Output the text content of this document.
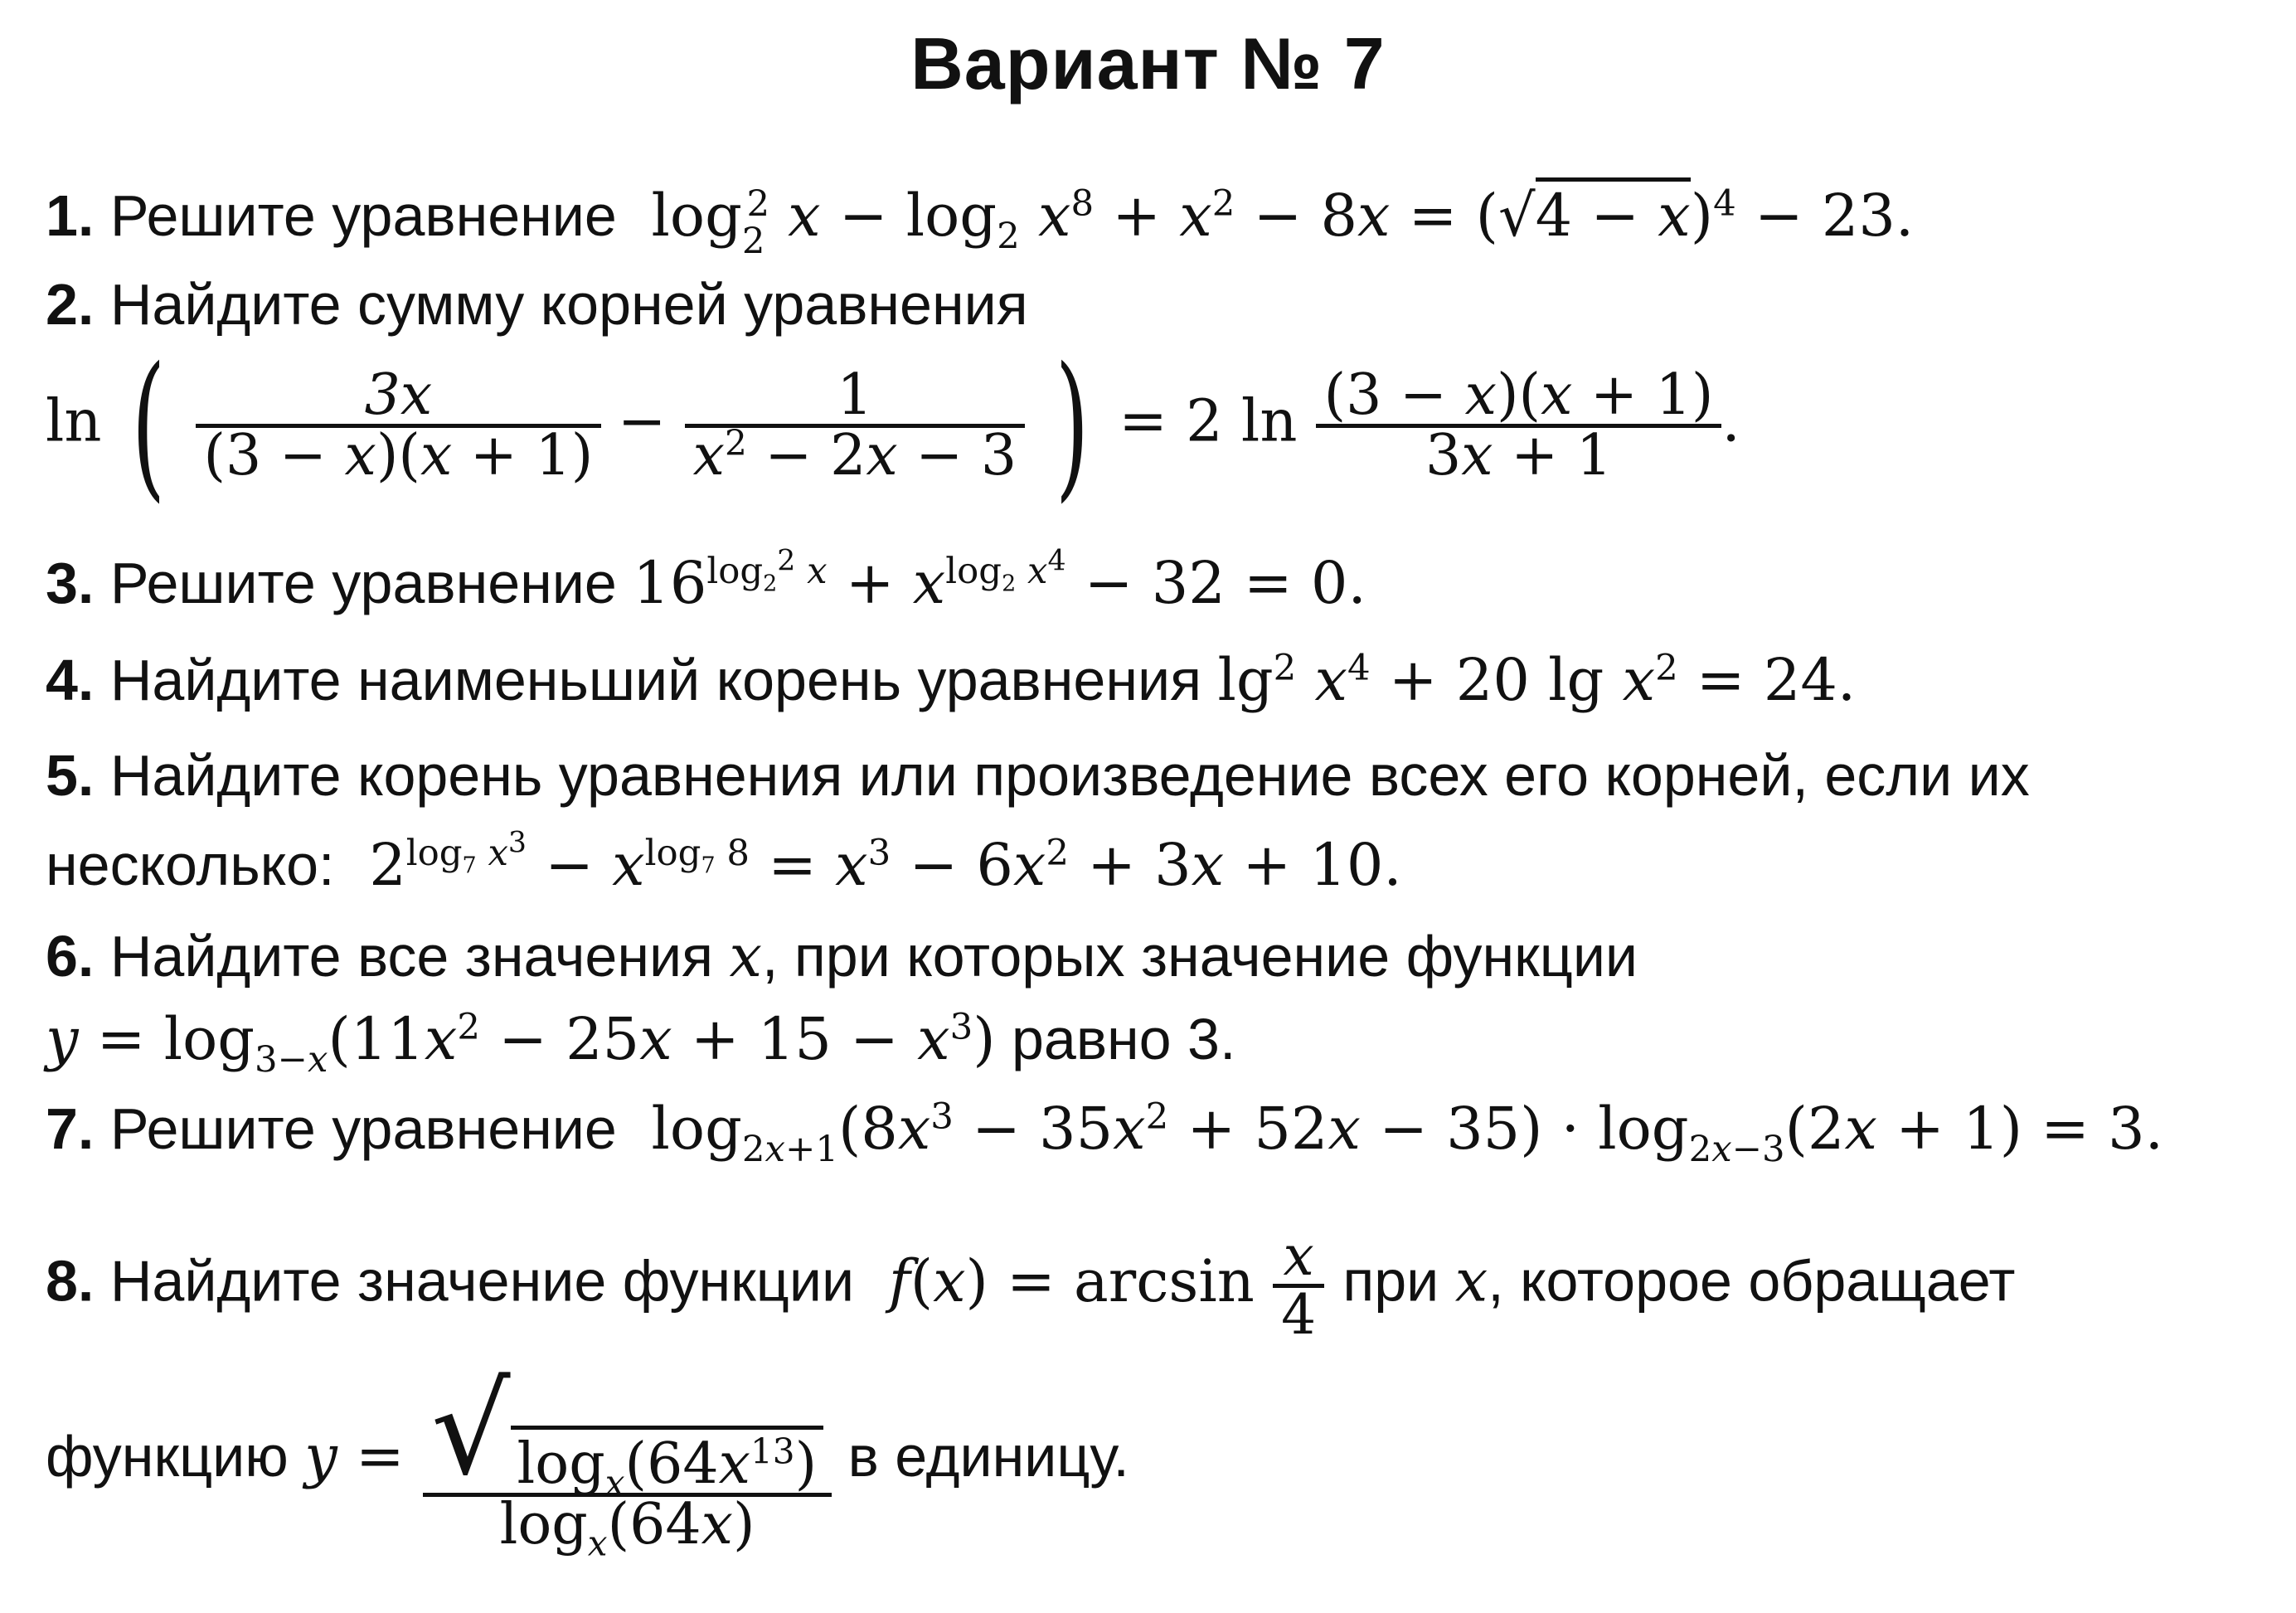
Вариант № 7
1. Решите уравнение  $\log_2^2 x - \log_2 x^8 + x^2 - 8x = (√4 - x)^4 - 23$.
2. Найдите сумму корней уравнения
ln ( $\frac{3x}{(3 - x)(x + 1)} - \frac{1}{x^2 - 2x - 3}$ ) = 2 $\ln \frac{(3 - x)(x + 1)}{3x + 1}$ .
3. Решите уравнение $16^{log_2^2 x} + x^{log_2 x^4} - 32 = 0$.
4. Найдите наименьший корень уравнения $\lg^2 x^4 + 20$ $\lg x^2 = 24$.
5. Найдите корень уравнения или произведение всех его корней, если их
несколько:  $2^{log_7 x^3} - x^{log_7 8} = x^3 - 6x^2 + 3x + 10$.
6. Найдите все значения x, при которых значение функции
$y = \log_{3-x}(11x^2 - 25x + 15 - x^3)$ равно 3.
7. Решите уравнение  $\log_{2x+1}(8x^3 - 35x^2 + 52x - 35) \cdot \log_{2x-3}(2x + 1) = 3$.
8. Найдите значение функции $f(x) = \arcsin \frac{x}{4}$ при x, которое обращает
функцию $y = \frac{√ \log_x(64x^{13})}{\log_x(64x)}$ в единицу.
